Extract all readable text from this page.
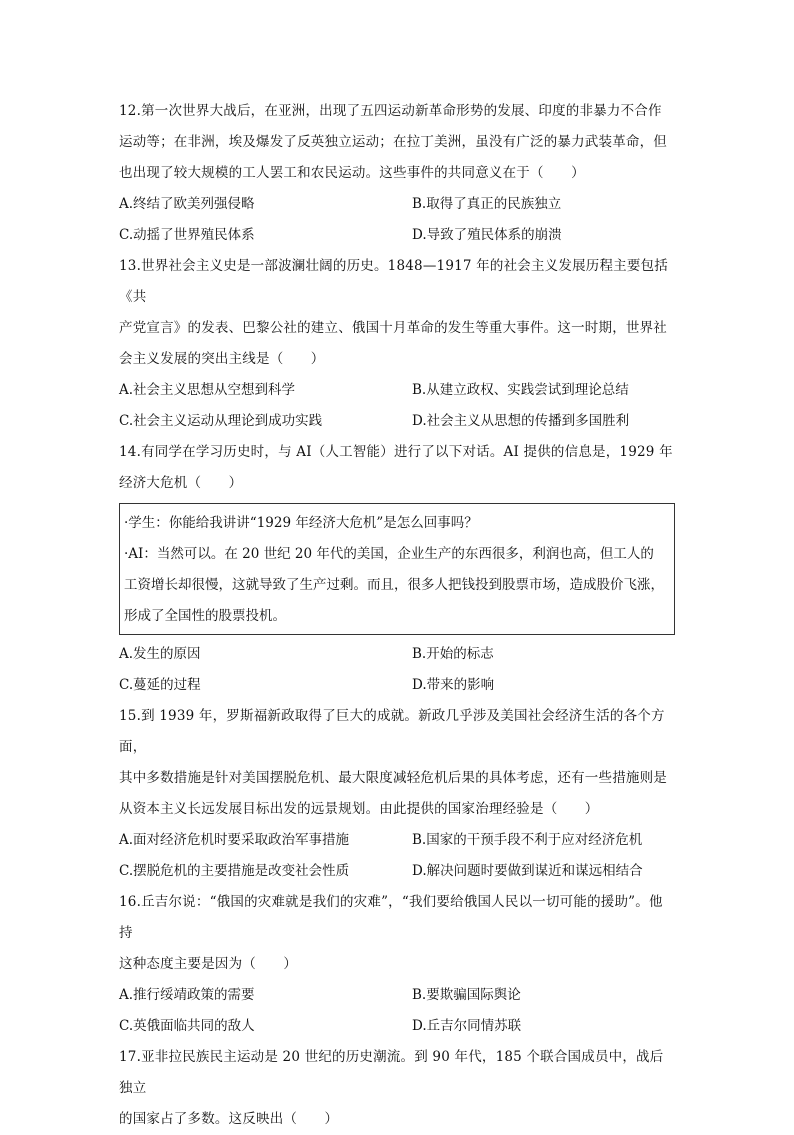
12.第一次世界大战后，在亚洲，出现了五四运动新革命形势的发展、印度的非暴力不合作

运动等；在非洲，埃及爆发了反英独立运动；在拉丁美洲，虽没有广泛的暴力武装革命，但

也出现了较大规模的工人罢工和农民运动。这些事件的共同意义在于（　　）

A.终结了欧美列强侵略	B.取得了真正的民族独立
C.动摇了世界殖民体系	D.导致了殖民体系的崩溃

13.世界社会主义史是一部波澜壮阔的历史。1848—1917 年的社会主义发展历程主要包括《共

产党宣言》的发表、巴黎公社的建立、俄国十月革命的发生等重大事件。这一时期，世界社

会主义发展的突出主线是（　　）

A.社会主义思想从空想到科学	B.从建立政权、实践尝试到理论总结
C.社会主义运动从理论到成功实践	D.社会主义从思想的传播到多国胜利

14.有同学在学习历史时，与 AI（人工智能）进行了以下对话。AI 提供的信息是，1929 年

经济大危机（　　）

·学生：你能给我讲讲“1929 年经济大危机”是怎么回事吗？

·AI：当然可以。在 20 世纪 20 年代的美国，企业生产的东西很多，利润也高，但工人的

工资增长却很慢，这就导致了生产过剩。而且，很多人把钱投到股票市场，造成股价飞涨，

形成了全国性的股票投机。

A.发生的原因	B.开始的标志
C.蔓延的过程	D.带来的影响

15.到 1939 年，罗斯福新政取得了巨大的成就。新政几乎涉及美国社会经济生活的各个方面，

其中多数措施是针对美国摆脱危机、最大限度减轻危机后果的具体考虑，还有一些措施则是

从资本主义长远发展目标出发的远景规划。由此提供的国家治理经验是（　　）

A.面对经济危机时要采取政治军事措施	B.国家的干预手段不利于应对经济危机
C.摆脱危机的主要措施是改变社会性质	D.解决问题时要做到谋近和谋远相结合

16.丘吉尔说：“俄国的灾难就是我们的灾难”，“我们要给俄国人民以一切可能的援助”。他持

这种态度主要是因为（　　）

A.推行绥靖政策的需要	B.要欺骗国际舆论
C.英俄面临共同的敌人	D.丘吉尔同情苏联

17.亚非拉民族民主运动是 20 世纪的历史潮流。到 90 年代，185 个联合国成员中，战后独立

的国家占了多数。这反映出（　　）
